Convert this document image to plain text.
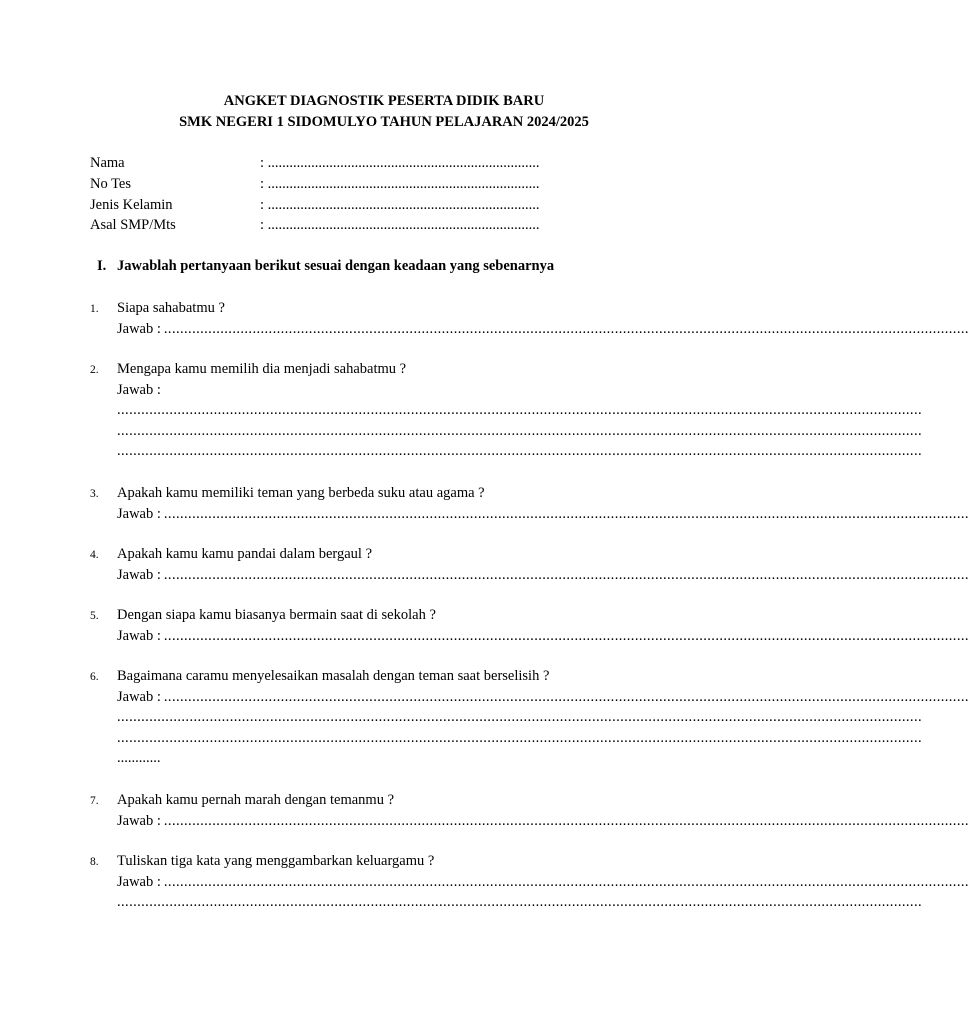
ANGKET DIAGNOSTIK PESERTA DIDIK BARU
SMK NEGERI 1 SIDOMULYO TAHUN PELAJARAN 2024/2025
Nama	: ...........................................................................
No Tes	: ...........................................................................
Jenis Kelamin	: ...........................................................................
Asal SMP/Mts	: ...........................................................................
I. Jawablah pertanyaan berikut sesuai dengan keadaan yang sebenarnya
1. Siapa sahabatmu ?
Jawab : ........................................................................................................................................................................................................
2. Mengapa kamu memilih dia menjadi sahabatmu ?
Jawab :
........................................................................................................................................................................................................
........................................................................................................................................................................................................
........................................................................................................................................................................................................
3. Apakah kamu memiliki teman yang berbeda suku atau agama ?
Jawab : ........................................................................................................................................................................................................
4. Apakah kamu kamu pandai dalam bergaul ?
Jawab : ........................................................................................................................................................................................................
5. Dengan siapa kamu biasanya bermain saat di sekolah ?
Jawab : ........................................................................................................................................................................................................
6. Bagaimana caramu menyelesaikan masalah dengan teman saat berselisih ?
Jawab : ........................................................................................................................................................................................................
........................................................................................................................................................................................................
........................................................................................................................................................................................................
............
7. Apakah kamu pernah marah dengan temanmu ?
Jawab : ........................................................................................................................................................................................................
8. Tuliskan tiga kata yang menggambarkan keluargamu ?
Jawab : ........................................................................................................................................................................................................
........................................................................................................................................................................................................
